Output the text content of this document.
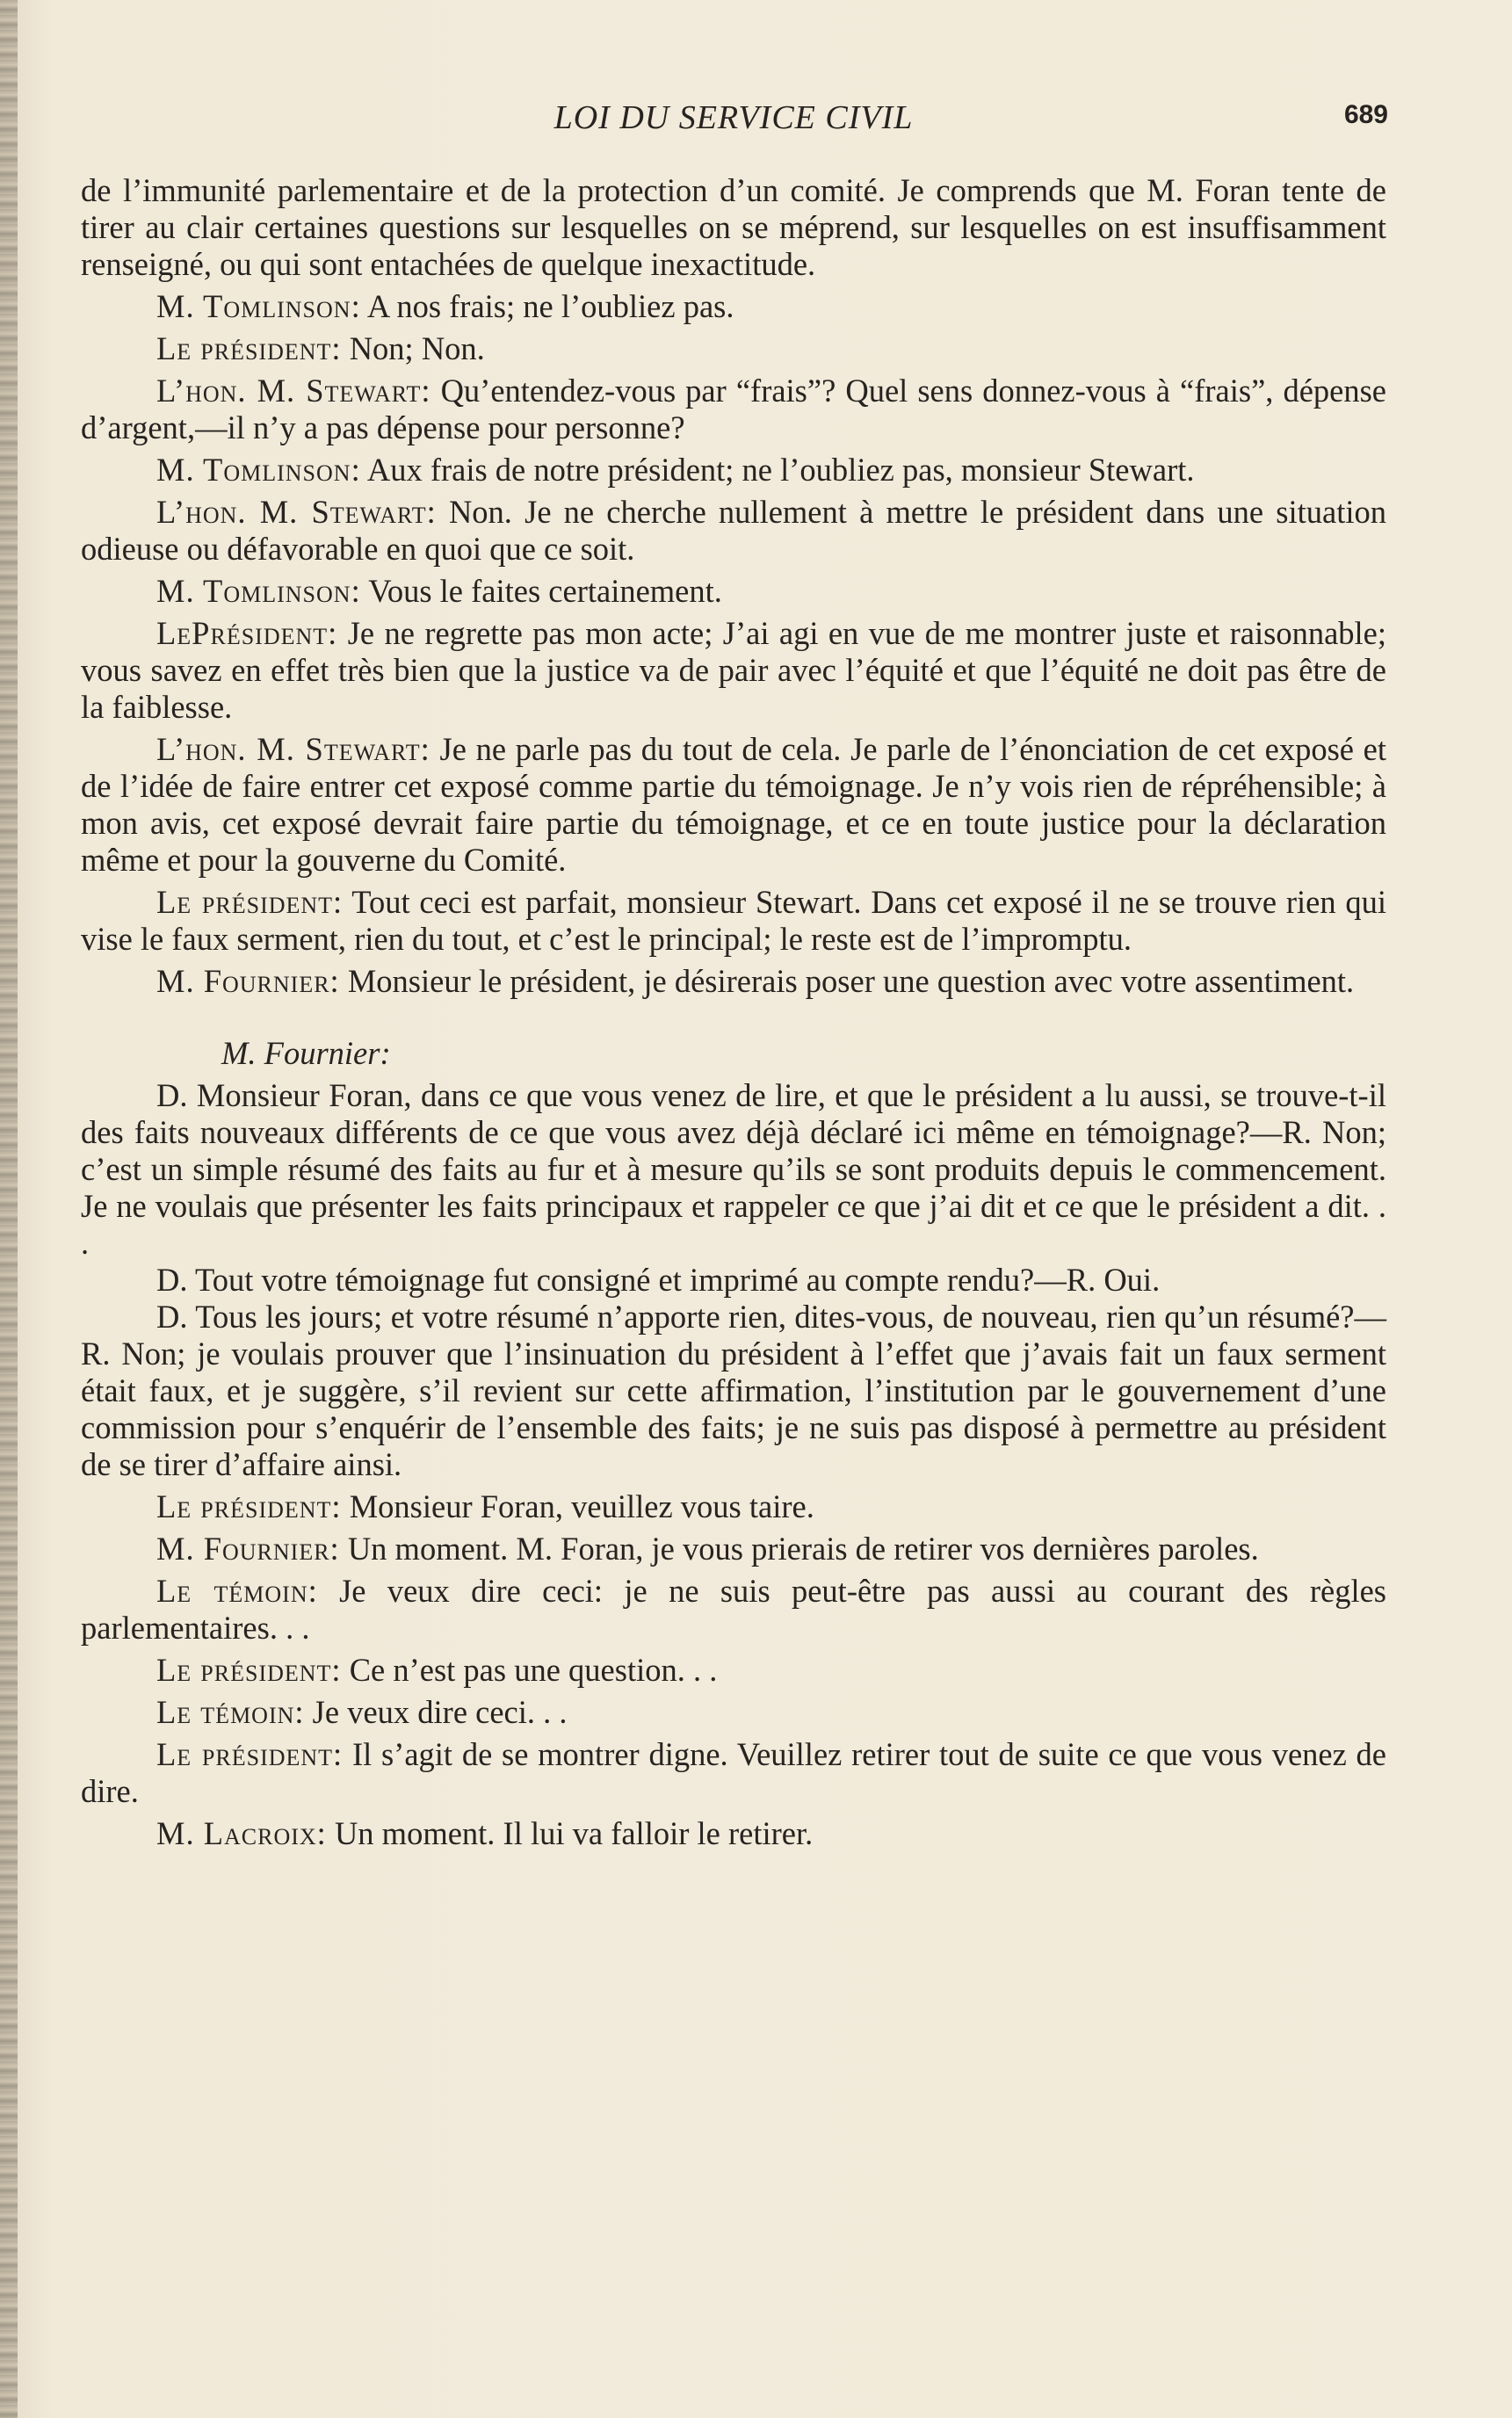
LOI DU SERVICE CIVIL	689

de l’immunité parlementaire et de la protection d’un comité. Je comprends que M. Foran tente de tirer au clair certaines questions sur lesquelles on se méprend, sur lesquelles on est insuffisamment renseigné, ou qui sont entachées de quelque inexactitude.

M. Tomlinson: A nos frais; ne l’oubliez pas.

Le président: Non; Non.

L’hon. M. Stewart: Qu’entendez-vous par “frais”? Quel sens donnez-vous à “frais”, dépense d’argent,—il n’y a pas dépense pour personne?

M. Tomlinson: Aux frais de notre président; ne l’oubliez pas, monsieur Stewart.

L’hon. M. Stewart: Non. Je ne cherche nullement à mettre le président dans une situation odieuse ou défavorable en quoi que ce soit.

M. Tomlinson: Vous le faites certainement.

LePrésident: Je ne regrette pas mon acte; J’ai agi en vue de me montrer juste et raisonnable; vous savez en effet très bien que la justice va de pair avec l’équité et que l’équité ne doit pas être de la faiblesse.

L’hon. M. Stewart: Je ne parle pas du tout de cela. Je parle de l’énonciation de cet exposé et de l’idée de faire entrer cet exposé comme partie du témoignage. Je n’y vois rien de répréhensible; à mon avis, cet exposé devrait faire partie du témoignage, et ce en toute justice pour la déclaration même et pour la gouverne du Comité.

Le président: Tout ceci est parfait, monsieur Stewart. Dans cet exposé il ne se trouve rien qui vise le faux serment, rien du tout, et c’est le principal; le reste est de l’impromptu.

M. Fournier: Monsieur le président, je désirerais poser une question avec votre assentiment.

M. Fournier:

D. Monsieur Foran, dans ce que vous venez de lire, et que le président a lu aussi, se trouve-t-il des faits nouveaux différents de ce que vous avez déjà déclaré ici même en témoignage?—R. Non; c’est un simple résumé des faits au fur et à mesure qu’ils se sont produits depuis le commencement. Je ne voulais que présenter les faits principaux et rappeler ce que j’ai dit et ce que le président a dit. . .

D. Tout votre témoignage fut consigné et imprimé au compte rendu?—R. Oui.

D. Tous les jours; et votre résumé n’apporte rien, dites-vous, de nouveau, rien qu’un résumé?—R. Non; je voulais prouver que l’insinuation du président à l’effet que j’avais fait un faux serment était faux, et je suggère, s’il revient sur cette affirmation, l’institution par le gouvernement d’une commission pour s’enquérir de l’ensemble des faits; je ne suis pas disposé à permettre au président de se tirer d’affaire ainsi.

Le président: Monsieur Foran, veuillez vous taire.

M. Fournier: Un moment. M. Foran, je vous prierais de retirer vos dernières paroles.

Le témoin: Je veux dire ceci: je ne suis peut-être pas aussi au courant des règles parlementaires. . .

Le président: Ce n’est pas une question. . .

Le témoin: Je veux dire ceci. . .

Le président: Il s’agit de se montrer digne. Veuillez retirer tout de suite ce que vous venez de dire.

M. Lacroix: Un moment. Il lui va falloir le retirer.
